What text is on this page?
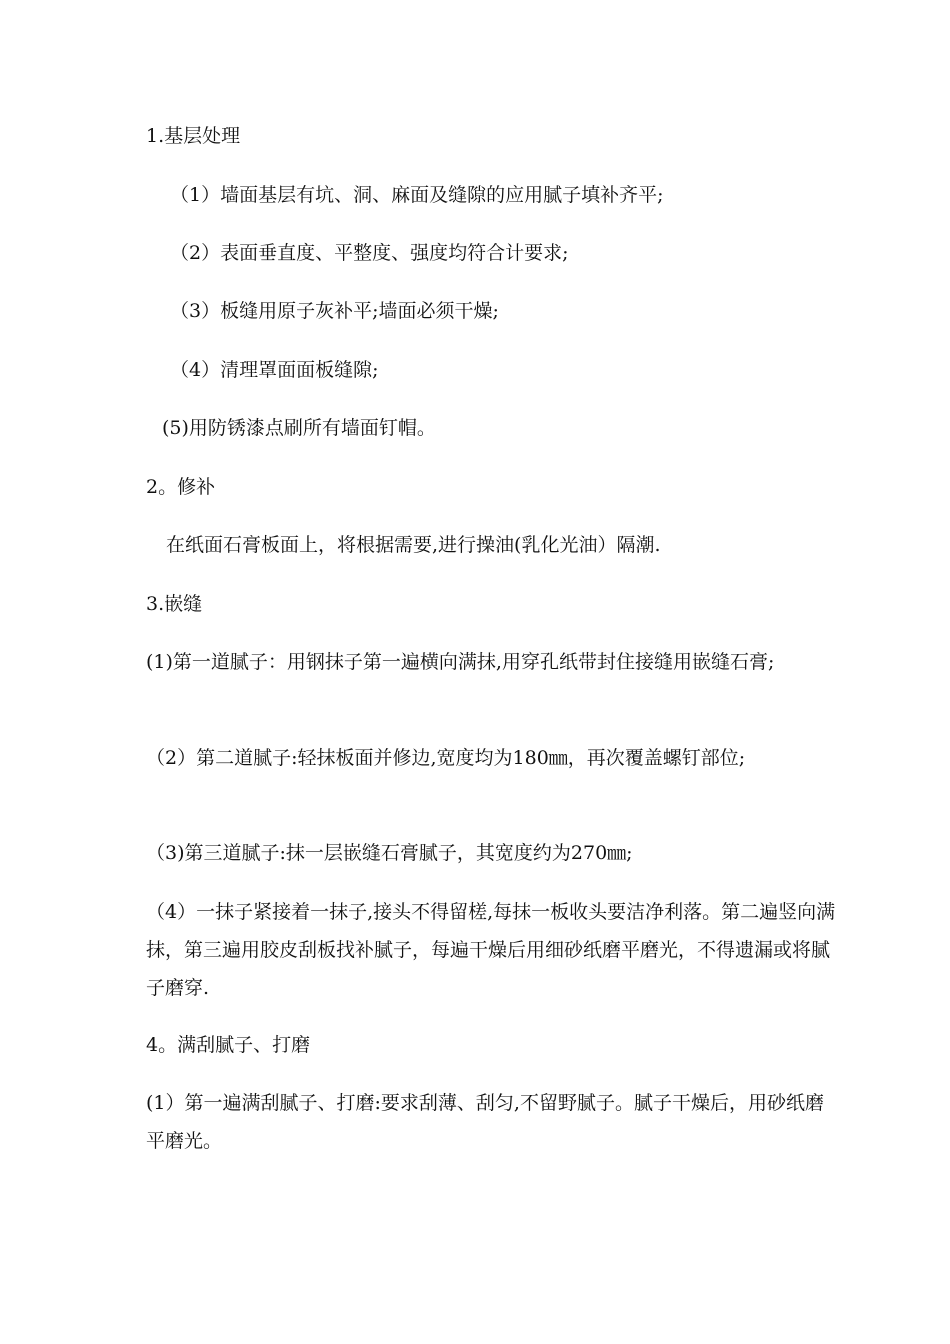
1.基层处理
（1）墙面基层有坑、洞、麻面及缝隙的应用腻子填补齐平;
（2）表面垂直度、平整度、强度均符合计要求;
（3）板缝用原子灰补平;墙面必须干燥;
（4）清理罩面面板缝隙;
(5)用防锈漆点刷所有墙面钉帽。
2。修补
在纸面石膏板面上，将根据需要,进行操油(乳化光油）隔潮.
3.嵌缝
(1)第一道腻子：用钢抹子第一遍横向满抹,用穿孔纸带封住接缝用嵌缝石膏;
（2）第二道腻子:轻抹板面并修边,宽度均为180㎜，再次覆盖螺钉部位;
（3)第三道腻子:抹一层嵌缝石膏腻子，其宽度约为270㎜;
（4）一抹子紧接着一抹子,接头不得留槎,每抹一板收头要洁净利落。第二遍竖向满抹，第三遍用胶皮刮板找补腻子，每遍干燥后用细砂纸磨平磨光，不得遗漏或将腻子磨穿.
4。满刮腻子、打磨
(1）第一遍满刮腻子、打磨:要求刮薄、刮匀,不留野腻子。腻子干燥后，用砂纸磨平磨光。
